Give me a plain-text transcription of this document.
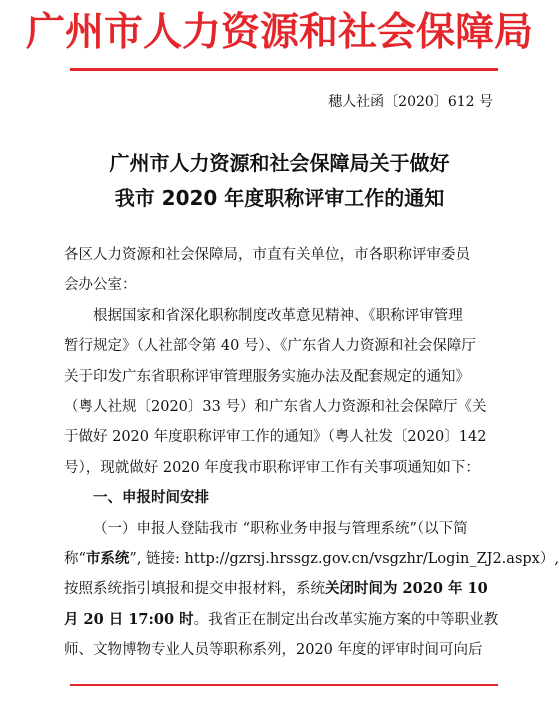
广州市人力资源和社会保障局
穗人社函〔2020〕612 号
广州市人力资源和社会保障局关于做好
我市 2020 年度职称评审工作的通知
各区人力资源和社会保障局，市直有关单位，市各职称评审委员
会办公室：
根据国家和省深化职称制度改革意见精神、《职称评审管理
暂行规定》（人社部令第 40 号）、《广东省人力资源和社会保障厅
关于印发广东省职称评审管理服务实施办法及配套规定的通知》
（粤人社规〔2020〕33 号）和广东省人力资源和社会保障厅《关
于做好 2020 年度职称评审工作的通知》（粤人社发〔2020〕142
号），现就做好 2020 年度我市职称评审工作有关事项通知如下：
一、申报时间安排
（一）申报人登陆我市 “职称业务申报与管理系统”（以下简
称“市系统”, 链接: http://gzrsj.hrssgz.gov.cn/vsgzhr/Login_ZJ2.aspx）,
按照系统指引填报和提交申报材料，系统关闭时间为 2020 年 10
月 20 日 17:00 时。我省正在制定出台改革实施方案的中等职业教
师、文物博物专业人员等职称系列，2020 年度的评审时间可向后
